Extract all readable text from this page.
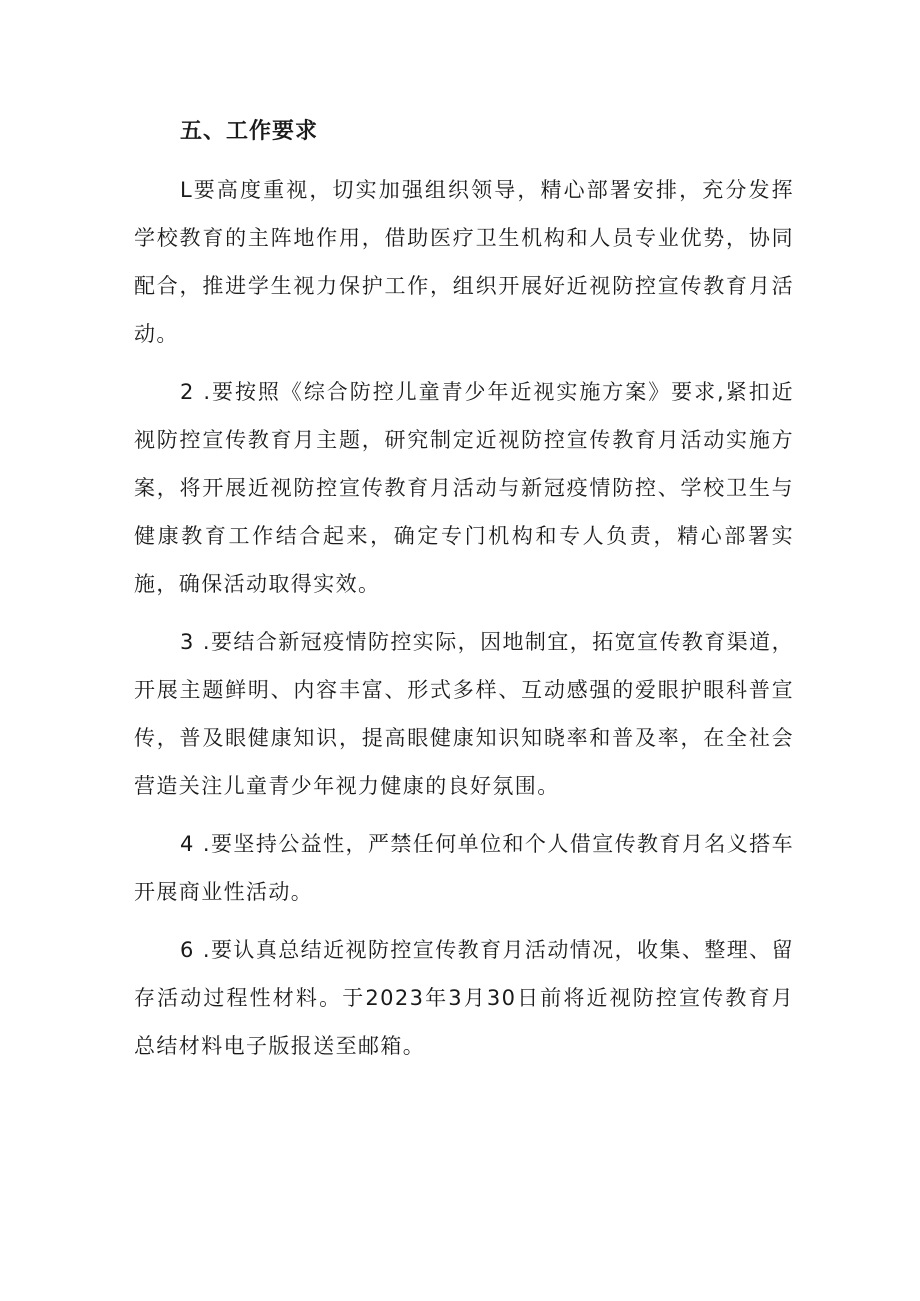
五、工作要求

L要高度重视，切实加强组织领导，精心部署安排，充分发挥学校教育的主阵地作用，借助医疗卫生机构和人员专业优势，协同配合，推进学生视力保护工作，组织开展好近视防控宣传教育月活动。

2 .要按照《综合防控儿童青少年近视实施方案》要求,紧扣近视防控宣传教育月主题，研究制定近视防控宣传教育月活动实施方案，将开展近视防控宣传教育月活动与新冠疫情防控、学校卫生与健康教育工作结合起来，确定专门机构和专人负责，精心部署实施，确保活动取得实效。

3 .要结合新冠疫情防控实际，因地制宜，拓宽宣传教育渠道，开展主题鲜明、内容丰富、形式多样、互动感强的爱眼护眼科普宣传，普及眼健康知识，提高眼健康知识知晓率和普及率，在全社会营造关注儿童青少年视力健康的良好氛围。

4 .要坚持公益性，严禁任何单位和个人借宣传教育月名义搭车开展商业性活动。

6 .要认真总结近视防控宣传教育月活动情况，收集、整理、留存活动过程性材料。于2023年3月30日前将近视防控宣传教育月总结材料电子版报送至邮箱。
